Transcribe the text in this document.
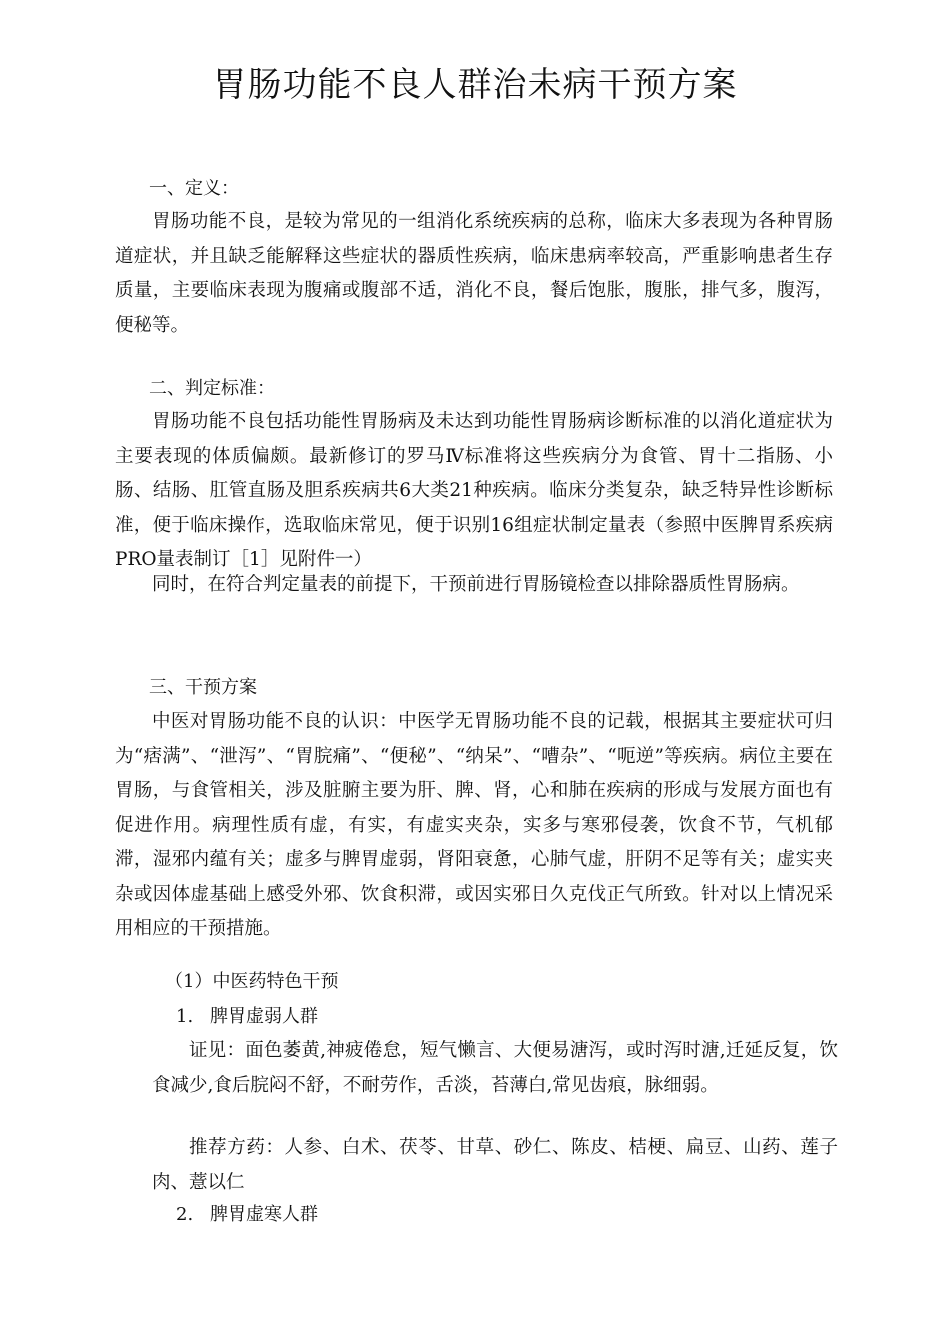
胃肠功能不良人群治未病干预方案

一、定义：

胃肠功能不良，是较为常见的一组消化系统疾病的总称，临床大多表现为各种胃肠道症状，并且缺乏能解释这些症状的器质性疾病，临床患病率较高，严重影响患者生存质量，主要临床表现为腹痛或腹部不适，消化不良，餐后饱胀，腹胀，排气多，腹泻，便秘等。

二、判定标准：

胃肠功能不良包括功能性胃肠病及未达到功能性胃肠病诊断标准的以消化道症状为主要表现的体质偏颇。最新修订的罗马Ⅳ标准将这些疾病分为食管、胃十二指肠、小肠、结肠、肛管直肠及胆系疾病共6大类21种疾病。临床分类复杂，缺乏特异性诊断标准，便于临床操作，选取临床常见，便于识别16组症状制定量表（参照中医脾胃系疾病PRO量表制订［1］见附件一）

同时，在符合判定量表的前提下，干预前进行胃肠镜检查以排除器质性胃肠病。

三、干预方案

中医对胃肠功能不良的认识：中医学无胃肠功能不良的记载，根据其主要症状可归为“痞满”、“泄泻”、“胃脘痛”、“便秘”、“纳呆”、“嘈杂”、“呃逆”等疾病。病位主要在胃肠，与食管相关，涉及脏腑主要为肝、脾、肾，心和肺在疾病的形成与发展方面也有促进作用。病理性质有虚，有实，有虚实夹杂，实多与寒邪侵袭，饮食不节，气机郁滞，湿邪内蕴有关；虚多与脾胃虚弱，肾阳衰惫，心肺气虚，肝阴不足等有关；虚实夹杂或因体虚基础上感受外邪、饮食积滞，或因实邪日久克伐正气所致。针对以上情况采用相应的干预措施。

（1）中医药特色干预

1. 脾胃虚弱人群

证见：面色萎黄,神疲倦怠，短气懒言、大便易溏泻，或时泻时溏,迁延反复，饮食减少,食后脘闷不舒，不耐劳作，舌淡，苔薄白,常见齿痕，脉细弱。

推荐方药：人参、白术、茯苓、甘草、砂仁、陈皮、桔梗、扁豆、山药、莲子肉、薏以仁

2. 脾胃虚寒人群
